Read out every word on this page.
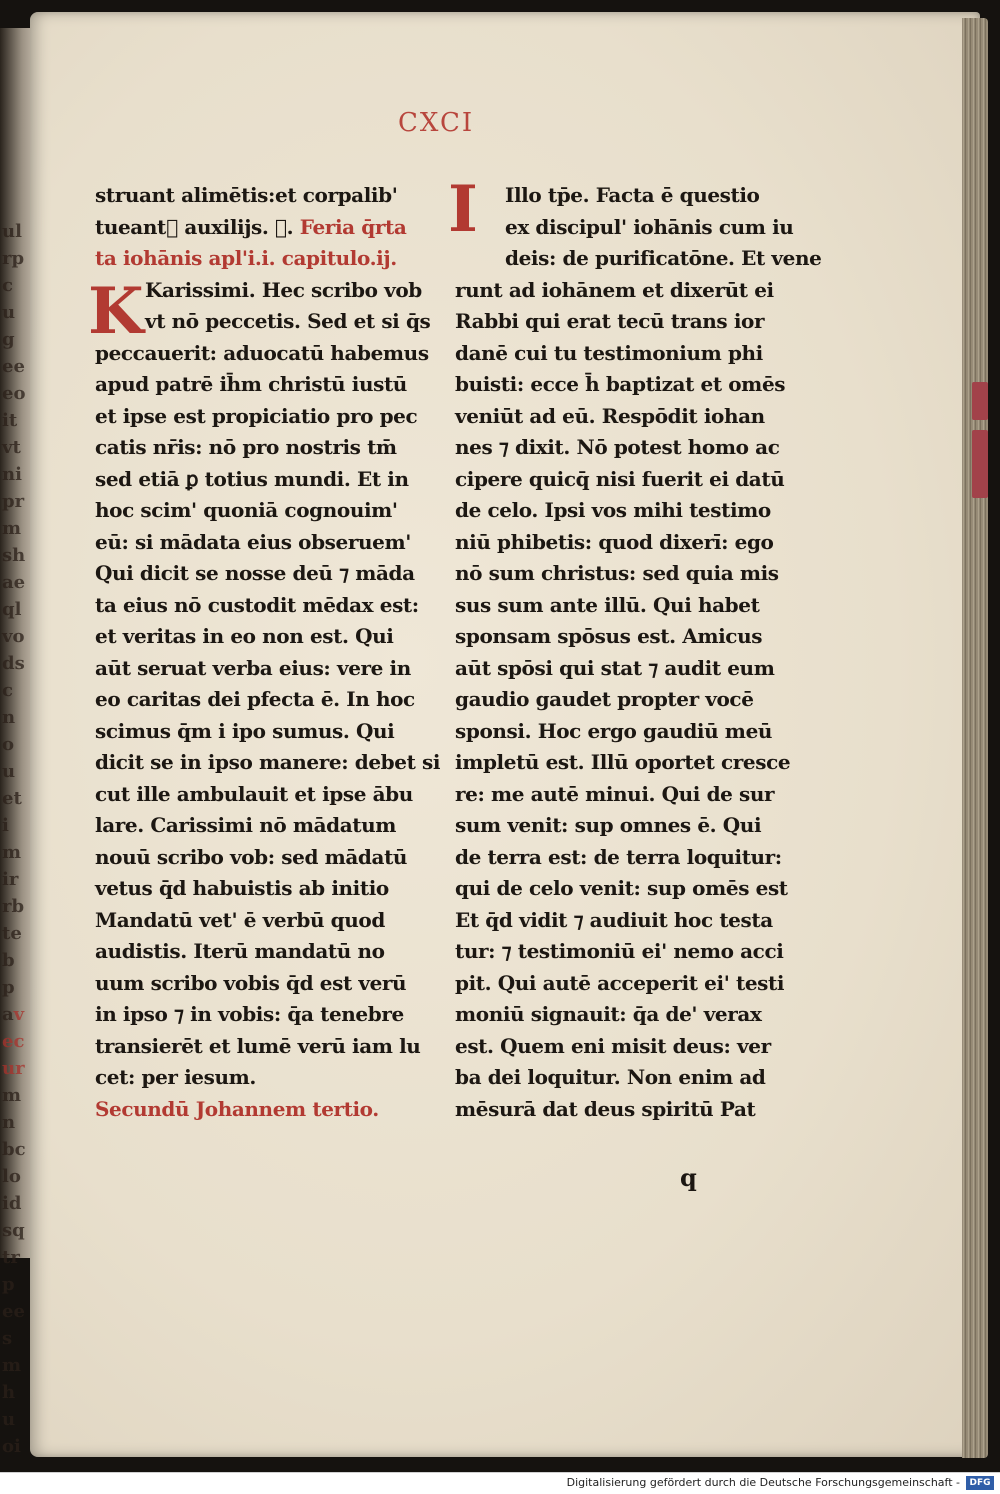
ulrpcugeeeoitvtniprmshaeqlvodscnouetimirrbtebpavecurmnbcloidsqtrpeesmhuoi
CXCI
K
I
struant alimētis:et corpalib'
tueantᷓ auxilijs. Ꝑ. Feria q̄rta
ta iohānis apl'i.i. capitulo.ij.
Karissimi. Hec scribo vob
vt nō peccetis. Sed et si q̄s
peccauerit: aduocatū habemus
apud patrē ih̄m christū iustū
et ipse est propiciatio pro pec
catis nr̄is: nō pro nostris tm̄
sed etiā ꝑ totius mundi. Et in
hoc scim' quoniā cognouim'
eū: si mādata eius obseruem'
Qui dicit se nosse deū ⁊ māda
ta eius nō custodit mēdax est:
et veritas in eo non est. Qui
aūt seruat verba eius: vere in
eo caritas dei pfecta ē. In hoc
scimus q̄m i ipo sumus. Qui
dicit se in ipso manere: debet si
cut ille ambulauit et ipse ābu
lare. Carissimi nō mādatum
nouū scribo vob: sed mādatū
vetus q̄d habuistis ab initio
Mandatū vet' ē verbū quod
audistis. Iterū mandatū no
uum scribo vobis q̄d est verū
in ipso ⁊ in vobis: q̄a tenebre
transierēt et lumē verū iam lu
cet: per iesum.
Secundū Johannem tertio.
Illo tp̄e. Facta ē questio
ex discipul' iohānis cum iu
deis: de purificatōne. Et vene
runt ad iohānem et dixerūt ei
Rabbi qui erat tecū trans ior
danē cui tu testimonium phi
buisti: ecce h̄ baptizat et omēs
veniūt ad eū. Respōdit iohan
nes ⁊ dixit. Nō potest homo ac
cipere quicq̄ nisi fuerit ei datū
de celo. Ipsi vos mihi testimo
niū phibetis: quod dixerī: ego
nō sum christus: sed quia mis
sus sum ante illū. Qui habet
sponsam spōsus est. Amicus
aūt spōsi qui stat ⁊ audit eum
gaudio gaudet propter vocē
sponsi. Hoc ergo gaudiū meū
impletū est. Illū oportet cresce
re: me autē minui. Qui de sur
sum venit: sup omnes ē. Qui
de terra est: de terra loquitur:
qui de celo venit: sup omēs est
Et q̄d vidit ⁊ audiuit hoc testa
tur: ⁊ testimoniū ei' nemo acci
pit. Qui autē acceperit ei' testi
moniū signauit: q̄a de' verax
est. Quem eni misit deus: ver
ba dei loquitur. Non enim ad
mēsurā dat deus spiritū Pat
q
Digitalisierung gefördert durch die Deutsche Forschungsgemeinschaft -	DFG
